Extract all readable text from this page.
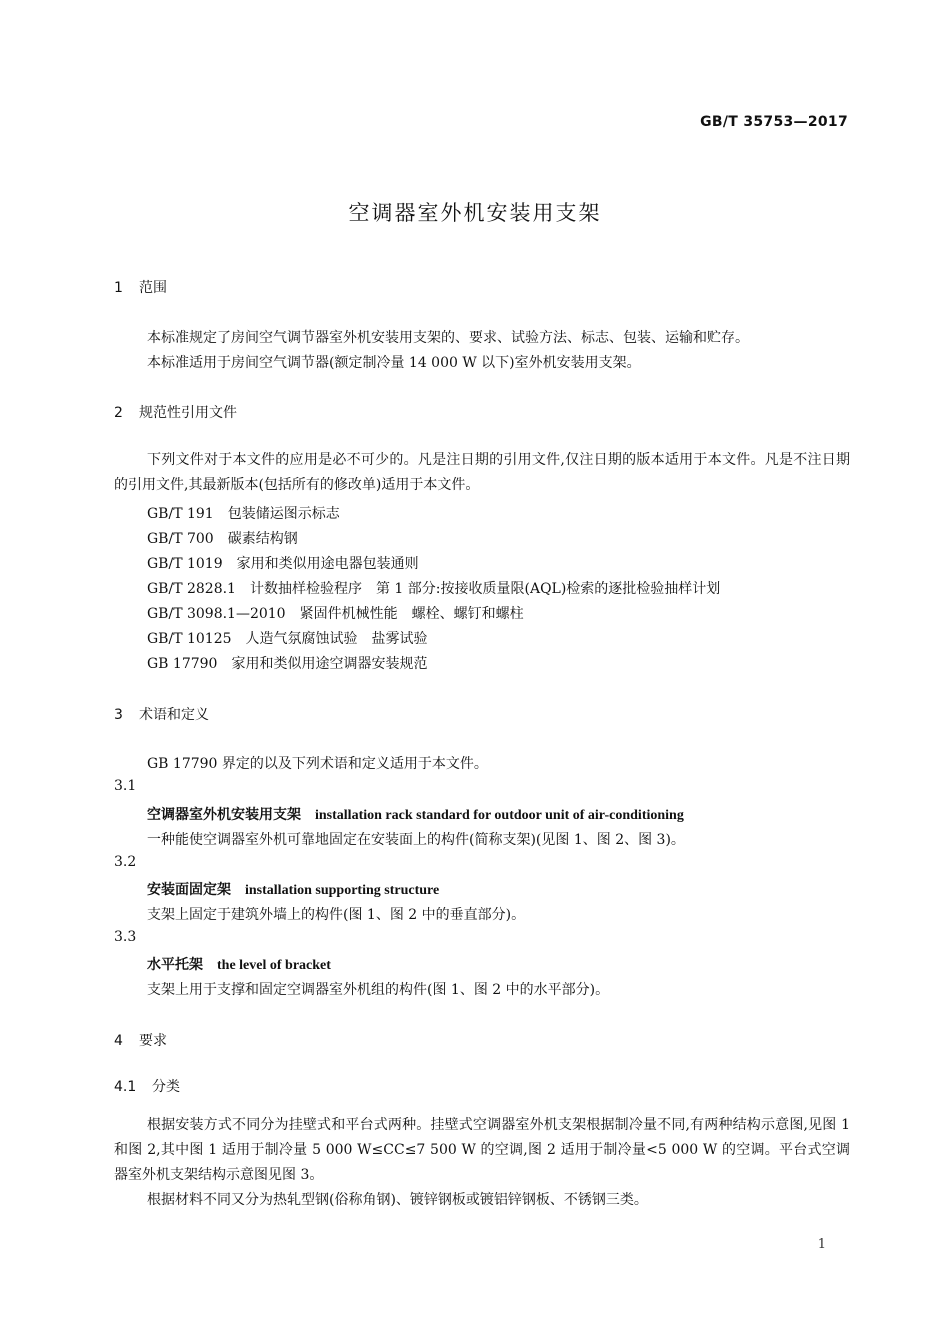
GB/T 35753—2017
空调器室外机安装用支架
1 范围
本标准规定了房间空气调节器室外机安装用支架的、要求、试验方法、标志、包装、运输和贮存。
本标准适用于房间空气调节器(额定制冷量 14 000 W 以下)室外机安装用支架。
2 规范性引用文件
下列文件对于本文件的应用是必不可少的。凡是注日期的引用文件,仅注日期的版本适用于本文件。凡是不注日期的引用文件,其最新版本(包括所有的修改单)适用于本文件。
GB/T 191 包装储运图示标志
GB/T 700 碳素结构钢
GB/T 1019 家用和类似用途电器包装通则
GB/T 2828.1 计数抽样检验程序　第 1 部分:按接收质量限(AQL)检索的逐批检验抽样计划
GB/T 3098.1—2010 紧固件机械性能　螺栓、螺钉和螺柱
GB/T 10125 人造气氛腐蚀试验　盐雾试验
GB 17790 家用和类似用途空调器安装规范
3 术语和定义
GB 17790 界定的以及下列术语和定义适用于本文件。
3.1
空调器室外机安装用支架 installation rack standard for outdoor unit of air-conditioning
一种能使空调器室外机可靠地固定在安装面上的构件(简称支架)(见图 1、图 2、图 3)。
3.2
安装面固定架 installation supporting structure
支架上固定于建筑外墙上的构件(图 1、图 2 中的垂直部分)。
3.3
水平托架 the level of bracket
支架上用于支撑和固定空调器室外机组的构件(图 1、图 2 中的水平部分)。
4 要求
4.1 分类
根据安装方式不同分为挂壁式和平台式两种。挂壁式空调器室外机支架根据制冷量不同,有两种结构示意图,见图 1 和图 2,其中图 1 适用于制冷量 5 000 W≤CC≤7 500 W 的空调,图 2 适用于制冷量<5 000 W 的空调。平台式空调器室外机支架结构示意图见图 3。
根据材料不同又分为热轧型钢(俗称角钢)、镀锌钢板或镀铝锌钢板、不锈钢三类。
1
